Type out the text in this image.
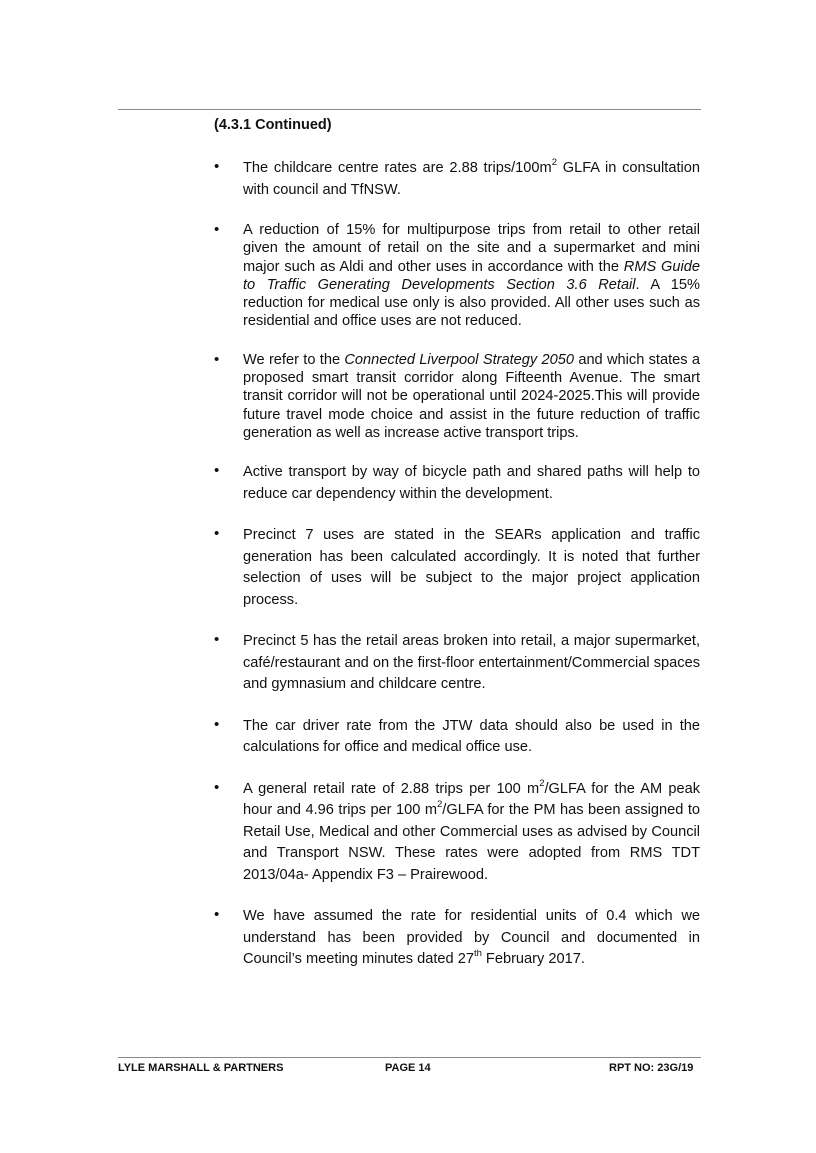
(4.3.1 Continued)
•	The childcare centre rates are 2.88 trips/$100m^2$ GLFA in consultation with council and TfNSW.
•	A reduction of 15% for multipurpose trips from retail to other retail given the amount of retail on the site and a supermarket and mini major such as Aldi and other uses in accordance with the RMS Guide to Traffic Generating Developments Section 3.6 Retail. A 15% reduction for medical use only is also provided. All other uses such as residential and office uses are not reduced.
•	We refer to the Connected Liverpool Strategy 2050 and which states a proposed smart transit corridor along Fifteenth Avenue. The smart transit corridor will not be operational until 2024-2025.This will provide future travel mode choice and assist in the future reduction of traffic generation as well as increase active transport trips.
•	Active transport by way of bicycle path and shared paths will help to reduce car dependency within the development.
•	Precinct 7 uses are stated in the SEARs application and traffic generation has been calculated accordingly. It is noted that further selection of uses will be subject to the major project application process.
•	Precinct 5 has the retail areas broken into retail, a major supermarket, café/restaurant and on the first-floor entertainment/Commercial spaces and gymnasium and childcare centre.
•	The car driver rate from the JTW data should also be used in the calculations for office and medical office use.
•	A general retail rate of 2.88 trips per 100 $m^2$/GLFA for the AM peak hour and 4.96 trips per 100 $m^2$/GLFA for the PM has been assigned to Retail Use, Medical and other Commercial uses as advised by Council and Transport NSW. These rates were adopted from RMS TDT 2013/04a- Appendix F3 – Prairewood.
•	We have assumed the rate for residential units of 0.4 which we understand has been provided by Council and documented in Council’s meeting minutes dated 27th February 2017.
LYLE MARSHALL & PARTNERS	PAGE 14	RPT NO: 23G/19
